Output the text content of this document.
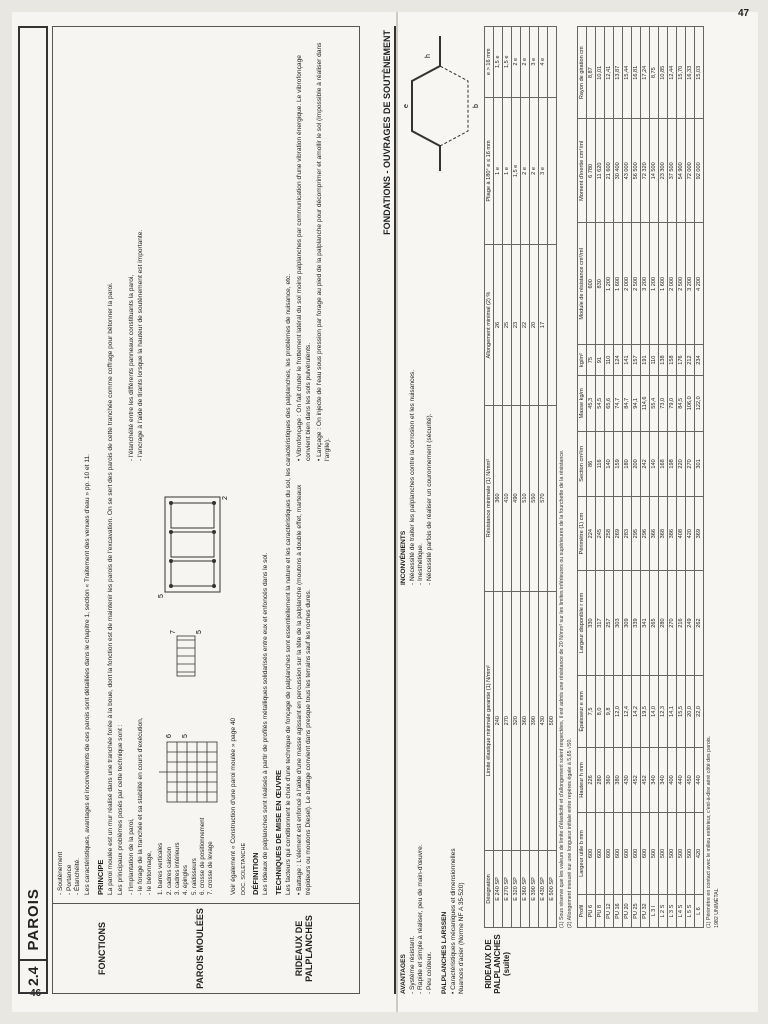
46
47
2.4
PAROIS	FONCTIONS	PAROIS MOULÉES	RIDEAUX DE PALPLANCHES
- Soutènement - Portance - Étanchéité. Les caractéristiques, avantages et inconvénients de ces parois sont détaillées dans le chapitre 1, section « Traitement des venues d'eau » pp. 10 et 11. PRINCIPE La paroi moulée est un mur réalisé dans une tranchée forée à la boue, dont la fonction est de maintenir les parois de l'excavation. On se sert des parois de cette tranchée comme coffrage pour bétonner la paroi. Les principaux problèmes posés par cette technique sont : - l'implantation de la paroi, - le forage de la tranchée et sa stabilité en cours d'exécution, - le bétonnage,
- l'étanchéité entre les différents panneaux constituants la paroi, - l'ancrage à l'aide de tirants lorsque la hauteur de soutènement est importante.
1. barres verticales 2. cadres caisson 3. cadres intérieurs 4. épingles 5. raidisseurs 6. crosse de positionnement 7. crosse de levage
6 5
7	5
5
2

Voir également « Construction d'une paroi moulée » page 40 DOC. SOLETANCHE DÉFINITION Les rideaux de palplanches sont réalisés à partir de profilés métalliques solidarisés entre eux et enfoncés dans le sol. TECHNIQUES DE MISE EN ŒUVRE Les facteurs qui conditionnent le choix d'une technique de fonçage de palplanches sont essentiellement la nature et les caractéristiques du sol, les caractéristiques des palplanches, les problèmes de nuisance, etc. • Battage : L'élément est enfoncé à l'aide d'une masse agissant en percussion sur la tête de la palplanche (moutons à double effet, marteaux trépideurs ou moutons Diesel). Le battage convient dans presque tous les terrains sauf les roches dures.

• Vibrofonçage : On fait chuter le frottement latéral du sol moins palplanches par communication d'une vibration énergique. Le vibrofonçage convient bien dans les sols pulvérulents. • Lançage : On injecte de l'eau sous pression par forage au pied de la palplanche pour décomprimer et amollir le sol (impossible à réaliser dans l'argile).

FONDATIONS - OUVRAGES DE SOUTÈNEMENT
AVANTAGES - Système résistant. - Rapide et simple à réaliser, peu de main-d'œuvre. - Peu coûteux. PALPLANCHES LARSSEN • Caractéristiques mécaniques et dimensionnelles Nuances d'acier (Norme NF A 35-520)
INCONVÉNIENTS - Nécessité de traiter les palplanches contre la corrosion et les nuisances. - Inesthétique. - Nécessité parfois de réaliser un couronnement (sécurité).
e
h
b
RIDEAUX DE PALPLANCHES (suite)
Désignation	Limite élastique minimale garantie (1) N/mm²	Résistance minimale (1) N/mm²	Allongement minimal (2) %	Pliage à 180° e ≤ 16 mm	e > 16 mm
E 240 SP	240	360	26	1 e	1,5 e
E 270 SP	270	410	25	1 e	1,5 e
E 320 SP	320	490	23	1,5 e	2 e
E 360 SP	360	510	22	2 e	2 e
E 390 SP	390	550	20	2 e	3 e
E 430 SP	430	570	17	3 e	4 e
E 500 SP	500				(1) Sous réserve que les valeurs de limite d'élasticité et d'allongement soient respectées, il est admis une résistance de 20 N/mm² sur les limites inférieures ou supérieures de la fourchette de la résistance. (2) Allongement mesuré sur une longueur initiale entre repères égale à 5,65 √S0. Profil	Largeur utile b mm	Hauteur h mm	Épaisseur e mm	Largeur disponible r mm	Périmètre (1) cm	Section cm²/m	Masse kg/m	kg/m²	Module de résistance cm³/ml	Moment d'inertie cm⁴/ml	Rayon de giration cm
PU 6	600	226	7,5	330	224	86	45,3	75	600	6 780	8,87
PU 8	600	280	8,0	317	245	116	54,5	91	830	11 620	10,01
PU 12	600	360	9,8	257	258	140	65,6	110	1 200	21 600	12,41
PU 16	600	380	12,0	303	269	159	74,7	124	1 600	30 400	13,87
PU 20	600	430	12,4	309	283	180	84,7	141	2 000	43 000	15,44
PU 25	600	452	14,2	339	295	200	94,1	157	2 500	56 500	16,81
PU 32	600	452	19,5	341	296	242	114,6	191	3 200	72 320	17,24
L 3 l	500	340	14,0	265	366	140	55,4	110	1 200	14 500	8,75
L 2 S	500	340	12,3	280	368	168	73,0	138	1 600	23 300	10,85
L 3 S	500	400	14,1	270	386	198	79,0	158	2 000	37 500	12,44
L 4 S	500	440	15,5	216	408	220	84,5	176	2 500	54 900	15,70
L 5 S	500	450	20,0	249	420	270	106,0	212	3 200	72 000	16,33
L 6	420	440	22,0	262	369	301	122,0	234	4 200	92 000	15,03
(1) Périmètre en contact avec le milieu extérieur, c'est-à-dire aéré côté des parois. 1982 UNIMÉTAL
